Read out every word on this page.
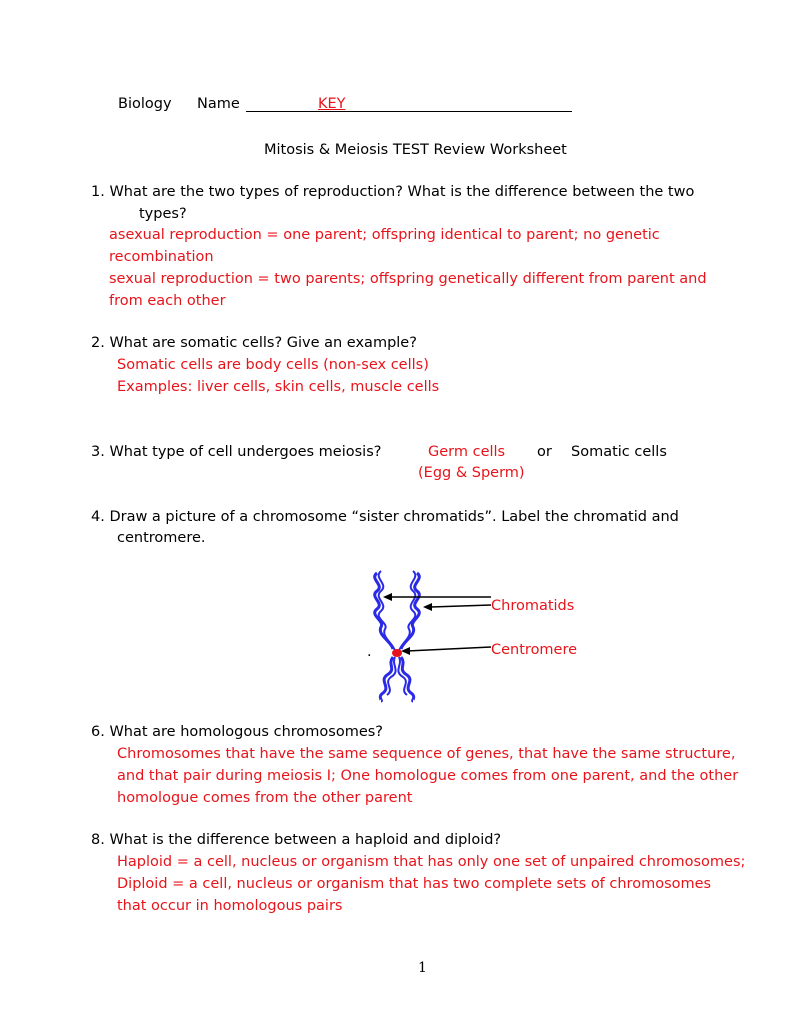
Biology Name	KEY
Mitosis & Meiosis TEST Review Worksheet
1. What are the two types of reproduction? What is the difference between the two
types?
asexual reproduction = one parent; offspring identical to parent; no genetic
recombination
sexual reproduction = two parents; offspring genetically different from parent and
from each other
2. What are somatic cells? Give an example?
Somatic cells are body cells (non-sex cells)
Examples: liver cells, skin cells, muscle cells
3. What type of cell undergoes meiosis?	Germ cells or Somatic cells
(Egg & Sperm)
4. Draw a picture of a chromosome “sister chromatids”. Label the chromatid and
centromere.
Chromatids
Centromere
.
6. What are homologous chromosomes?
Chromosomes that have the same sequence of genes, that have the same structure,
and that pair during meiosis I; One homologue comes from one parent, and the other
homologue comes from the other parent
8. What is the difference between a haploid and diploid?
Haploid = a cell, nucleus or organism that has only one set of unpaired chromosomes;
Diploid = a cell, nucleus or organism that has two complete sets of chromosomes
that occur in homologous pairs
1
